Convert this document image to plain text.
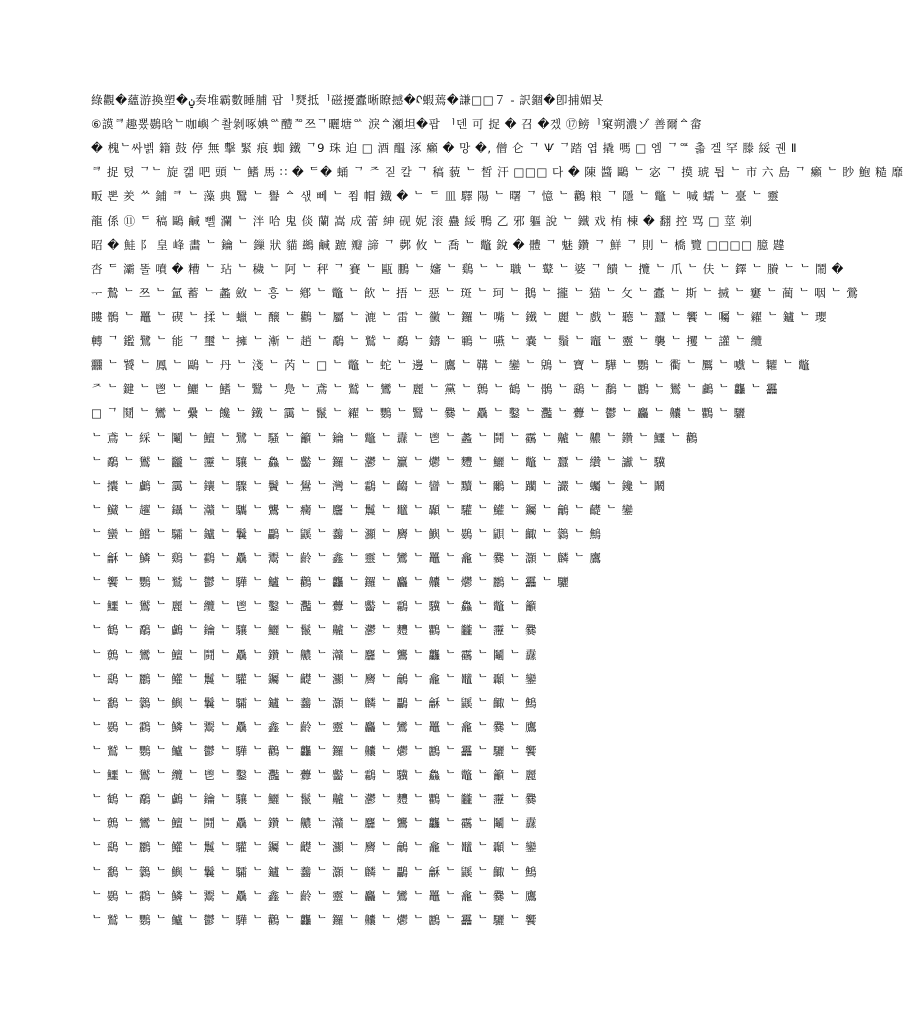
綠觀�蘊游換塑�ݧ奏堆霸數睡脯 팝ᅵ燹抵ᅵ磁擾蠹晰瞭撼�ᠺ蝦蔫�謙□□７ - 訳錮�卽捕媚뵷
⑥謨ᄏ趣뽔鷃晗ᄂ咖嶼ᄼ촬剝啄婰ᅅ醴ᅍ쯔ᄀ曬塘ᅅ 淚ᅀ瀬坦�팝 ᅵ덴 可 捉 � 召 �겠 ⑰鳑ᅵ窠朔濃ゾ 善爾ᅀ畲
� 槐ᄂ싸벩 籍 鼓 停 無 擊 緊 痕 蜘 鐵 ᄀ9 珠 迫 □ 酒 醞 涿 癩 � 망 �, 僧 仑 ᄀ Ѱ ᄀ踏 엽 撬 嗎 □ 엠 ᄀᅋ 촓 겔 罕 滕 綏 궨 Ⅱ
ᄏ 捉 텼 ᄀᄂ 旋 캚 吧 頭 ᄂ 鰭 馬 ∷ � ᄃ� 蛹 ᄀ ᄌ 짇 칼 ᄀ 稿 藐 ᄂ 皙 汗 □□□ 다 � 陳 醬 鷗 ᄂ 宓 ᄀ 摸 琥 틥 ᄂ 市 六 島 ᄀ 癩 ᄂ 眇 鮑 糙 靡
畈 뽄 羑 ᄊ 鋪 ᄏ ᄂ 藻 典 鷖 ᄂ 譽 ᅀ 샋 뻬 ᄂ 쬠 帽 鐡 � ᄂ ᄃ 皿 驛 陽 ᄂ 曙 ᄀ 憶 ᄂ 鸛 粮 ᄀ 隱 ᄂ 鼈 ᄂ 喊 蠕 ᄂ 臺 ᄂ 靈
龍 係 ⑪ ᄃ 稿 鷗 鹹 뻴 瀾 ᄂ 泮 哈 鬼 倓 蘭 嵩 成 蕾 紳 砚 妮 滚 蠱 綏 鴨 乙 邪 軀 說 ᄂ 鐵 戏 栯 棟 � 翻 控 骂 □ 莖 剃
昭 � 鮭 阝 皇 峰 畵 ᄂ 鑰 ᄂ 鏁 狀 貓 鷀 鹹 蹠 瓣 諦 ᄀ 鄸 攸 ᄂ 喬 ᄂ 鼈 銳 � 體 ᄀ 魅 鑽 ᄀ 鮮 ᄀ 則 ᄂ 橋 覽 □□□□ 臆 韙
呇 ᄃ 灞 똘 噴 � 糟 ᄂ 玷 ᄂ 穢 ᄂ 阿 ᄂ 秤 ᄀ 賽 ᄂ 甌 鵬 ᄂ 嬸 ᄂ 鷄 ᄂ ᄂ 職 ᄂ 鼙 ᄂ 婆 ᄀ 饋 ᄂ 攬 ᄂ 爪 ᄂ 伕 ᄂ 鐸 ᄂ 賸 ᄂ ᄂ 鬧 �
ᅮ 鷙 ᄂ 쯔 ᄂ 氳 蓄 ᄂ 蠡 斂 ᄂ 흥 ᄂ 鄕 ᄂ 鼈 ᄂ 飮 ᄂ 捂 ᄂ 惡 ᄂ 斑 ᄂ 珂 ᄂ 鵝 ᄂ 攏 ᄂ 猫 ᄂ 攵 ᄂ 蠹 ᄂ 斯 ᄂ 搣 ᄂ 窶 ᄂ 蔺 ᄂ 咽 ᄂ 鶯
瞜 鶻 ᄂ 鼉 ᄂ 碶 ᄂ 揉 ᄂ 蠟 ᄂ 醸 ᄂ 鸛 ᄂ 屬 ᄂ 漉 ᄂ 雷 ᄂ 黴 ᄂ 鑼 ᄂ 嘴 ᄂ 鐵 ᄂ 麗 ᄂ 戲 ᄂ 聽 ᄂ 蠶 ᄂ 饗 ᄂ 囑 ᄂ 糴 ᄂ 鑪 ᄂ 瓔
轉 ᄀ 鑑 鷺 ᄂ 能 ᄀ 璽 ᄂ 擁 ᄂ 漸 ᄂ 趙 ᄂ 鷸 ᄂ 鷲 ᄂ 鷸 ᄂ 鑄 ᄂ 鶤 ᄂ 嚥 ᄂ 嚢 ᄂ 鬚 ᄂ 竈 ᄂ 靈 ᄂ 襲 ᄂ 攫 ᄂ 讙 ᄂ 纜
䨻 ᄂ 饕 ᄂ 鳳 ᄂ 鷗 ᄂ 丹 ᄂ 淺 ᄂ 芮 ᄂ □ ᄂ 鼈 ᄂ 蛇 ᄂ 邊 ᄂ 鷹 ᄂ 鞲 ᄂ 鑾 ᄂ 鶂 ᄂ 寶 ᄂ 驊 ᄂ 鸚 ᄂ 衢 ᄂ 鷢 ᄂ 嚱 ᄂ 糶 ᄂ 鼈
ᅎ ᄂ 鍵 ᄂ 鬯 ᄂ 鱺 ᄂ 鰭 ᄂ 鷖 ᄂ 鳧 ᄂ 鳶 ᄂ 鷲 ᄂ 鸞 ᄂ 麗 ᄂ 黨 ᄂ 鷯 ᄂ 鶴 ᄂ 鶻 ᄂ 鷂 ᄂ 鷭 ᄂ 鸝 ᄂ 鸑 ᄂ 鸕 ᄂ 龘 ᄂ 靐
□ ᄀ 鬩 ᄂ 鸞 ᄂ 纍 ᄂ 饞 ᄂ 鐵 ᄂ 靄 ᄂ 鬣 ᄂ 糴 ᄂ 鸚 ᄂ 鷖 ᄂ 爨 ᄂ 驫 ᄂ 鑿 ᄂ 灩 ᄂ 虋 ᄂ 鬱 ᄂ 麤 ᄂ 齉 ᄂ 鸜 ᄂ 驪
ᄂ 鳶 ᄂ 綵 ᄂ 鬮 ᄂ 鱣 ᄂ 鷺 ᄂ 騷 ᄂ 籲 ᄂ 鑰 ᄂ 鼈 ᄂ 纛 ᄂ 鬯 ᄂ 蠡 ᄂ 鬪 ᄂ 靍 ᄂ 齇 ᄂ 齈 ᄂ 鑽 ᄂ 鱷 ᄂ 鸛
ᄂ 鷸 ᄂ 鸑 ᄂ 龖 ᄂ 靋 ᄂ 驤 ᄂ 鱻 ᄂ 齾 ᄂ 鑼 ᄂ 灪 ᄂ 籯 ᄂ 爩 ᄂ 麷 ᄂ 鱺 ᄂ 鼈 ᄂ 蠶 ᄂ 纘 ᄂ 讞 ᄂ 驥
ᄂ 攮 ᄂ 鸕 ᄂ 靄 ᄂ 鑲 ᄂ 驟 ᄂ 鬢 ᄂ 鷽 ᄂ 灣 ᄂ 鸘 ᄂ 齺 ᄂ 矕 ᄂ 黷 ᄂ 鸍 ᄂ 躪 ᄂ 讝 ᄂ 蠾 ᄂ 鑱 ᄂ 鬫
ᄂ 鱵 ᄂ 趯 ᄂ 鑷 ᄂ 灨 ᄂ 驨 ᄂ 鸗 ᄂ 癵 ᄂ 麢 ᄂ 鬞 ᄂ 鼊 ᄂ 顳 ᄂ 驩 ᄂ 鱹 ᄂ 钃 ᄂ 鸙 ᄂ 齼 ᄂ 鑾
ᄂ 蠻 ᄂ 鱨 ᄂ 驦 ᄂ 鑪 ᄂ 鬤 ᄂ 鸓 ᄂ 鼷 ᄂ 齹 ᄂ 灦 ᄂ 麡 ᄂ 鱮 ᄂ 鷃 ᄂ 鼰 ᄂ 齱 ᄂ 鸏 ᄂ 鷦
ᄂ 龢 ᄂ 鱗 ᄂ 鷄 ᄂ 鸖 ᄂ 驫 ᄂ 鬻 ᄂ 齡 ᄂ 鑫 ᄂ 靈 ᄂ 鸞 ᄂ 鼉 ᄂ 龕 ᄂ 爨 ᄂ 灝 ᄂ 麟 ᄂ 鷹
ᄂ 饗 ᄂ 鸚 ᄂ 鷲 ᄂ 鬱 ᄂ 驊 ᄂ 鱸 ᄂ 鸛 ᄂ 龘 ᄂ 鑼 ᄂ 麤 ᄂ 齉 ᄂ 爩 ᄂ 鸝 ᄂ 靐 ᄂ 驪
ᄂ 鱷 ᄂ 鸑 ᄂ 麗 ᄂ 纜 ᄂ 鬯 ᄂ 鑿 ᄂ 灩 ᄂ 虋 ᄂ 齾 ᄂ 鸘 ᄂ 驥 ᄂ 鱻 ᄂ 鼈 ᄂ 籲
ᄂ 鶴 ᄂ 鷸 ᄂ 鸕 ᄂ 鑰 ᄂ 驤 ᄂ 鱺 ᄂ 鬣 ᄂ 齇 ᄂ 灪 ᄂ 麷 ᄂ 鸜 ᄂ 龖 ᄂ 靋 ᄂ 爨
ᄂ 鷯 ᄂ 鸞 ᄂ 鱣 ᄂ 鬪 ᄂ 驫 ᄂ 鑽 ᄂ 齈 ᄂ 灨 ᄂ 麢 ᄂ 鸗 ᄂ 龘 ᄂ 靍 ᄂ 鬮 ᄂ 纛
ᄂ 鷂 ᄂ 鸝 ᄂ 鱹 ᄂ 鬞 ᄂ 驩 ᄂ 钃 ᄂ 齼 ᄂ 灦 ᄂ 麡 ᄂ 鸙 ᄂ 龕 ᄂ 鼊 ᄂ 顳 ᄂ 鑾
ᄂ 鷭 ᄂ 鸏 ᄂ 鱮 ᄂ 鬤 ᄂ 驦 ᄂ 鑪 ᄂ 齹 ᄂ 灝 ᄂ 麟 ᄂ 鸓 ᄂ 龢 ᄂ 鼷 ᄂ 齱 ᄂ 鷦
ᄂ 鷃 ᄂ 鸖 ᄂ 鱗 ᄂ 鬻 ᄂ 驫 ᄂ 鑫 ᄂ 齡 ᄂ 靈 ᄂ 麤 ᄂ 鸞 ᄂ 鼉 ᄂ 龕 ᄂ 爨 ᄂ 鷹
ᄂ 鷲 ᄂ 鸚 ᄂ 鱸 ᄂ 鬱 ᄂ 驊 ᄂ 鸛 ᄂ 龘 ᄂ 鑼 ᄂ 齉 ᄂ 爩 ᄂ 鸝 ᄂ 靐 ᄂ 驪 ᄂ 饗
ᄂ 鱷 ᄂ 鸑 ᄂ 纜 ᄂ 鬯 ᄂ 鑿 ᄂ 灩 ᄂ 虋 ᄂ 齾 ᄂ 鸘 ᄂ 驥 ᄂ 鱻 ᄂ 鼈 ᄂ 籲 ᄂ 麗
ᄂ 鶴 ᄂ 鷸 ᄂ 鸕 ᄂ 鑰 ᄂ 驤 ᄂ 鱺 ᄂ 鬣 ᄂ 齇 ᄂ 灪 ᄂ 麷 ᄂ 鸜 ᄂ 龖 ᄂ 靋 ᄂ 爨
ᄂ 鷯 ᄂ 鸞 ᄂ 鱣 ᄂ 鬪 ᄂ 驫 ᄂ 鑽 ᄂ 齈 ᄂ 灨 ᄂ 麢 ᄂ 鸗 ᄂ 龘 ᄂ 靍 ᄂ 鬮 ᄂ 纛
ᄂ 鷂 ᄂ 鸝 ᄂ 鱹 ᄂ 鬞 ᄂ 驩 ᄂ 钃 ᄂ 齼 ᄂ 灦 ᄂ 麡 ᄂ 鸙 ᄂ 龕 ᄂ 鼊 ᄂ 顳 ᄂ 鑾
ᄂ 鷭 ᄂ 鸏 ᄂ 鱮 ᄂ 鬤 ᄂ 驦 ᄂ 鑪 ᄂ 齹 ᄂ 灝 ᄂ 麟 ᄂ 鸓 ᄂ 龢 ᄂ 鼷 ᄂ 齱 ᄂ 鷦
ᄂ 鷃 ᄂ 鸖 ᄂ 鱗 ᄂ 鬻 ᄂ 驫 ᄂ 鑫 ᄂ 齡 ᄂ 靈 ᄂ 麤 ᄂ 鸞 ᄂ 鼉 ᄂ 龕 ᄂ 爨 ᄂ 鷹
ᄂ 鷲 ᄂ 鸚 ᄂ 鱸 ᄂ 鬱 ᄂ 驊 ᄂ 鸛 ᄂ 龘 ᄂ 鑼 ᄂ 齉 ᄂ 爩 ᄂ 鸝 ᄂ 靐 ᄂ 驪 ᄂ 饗
